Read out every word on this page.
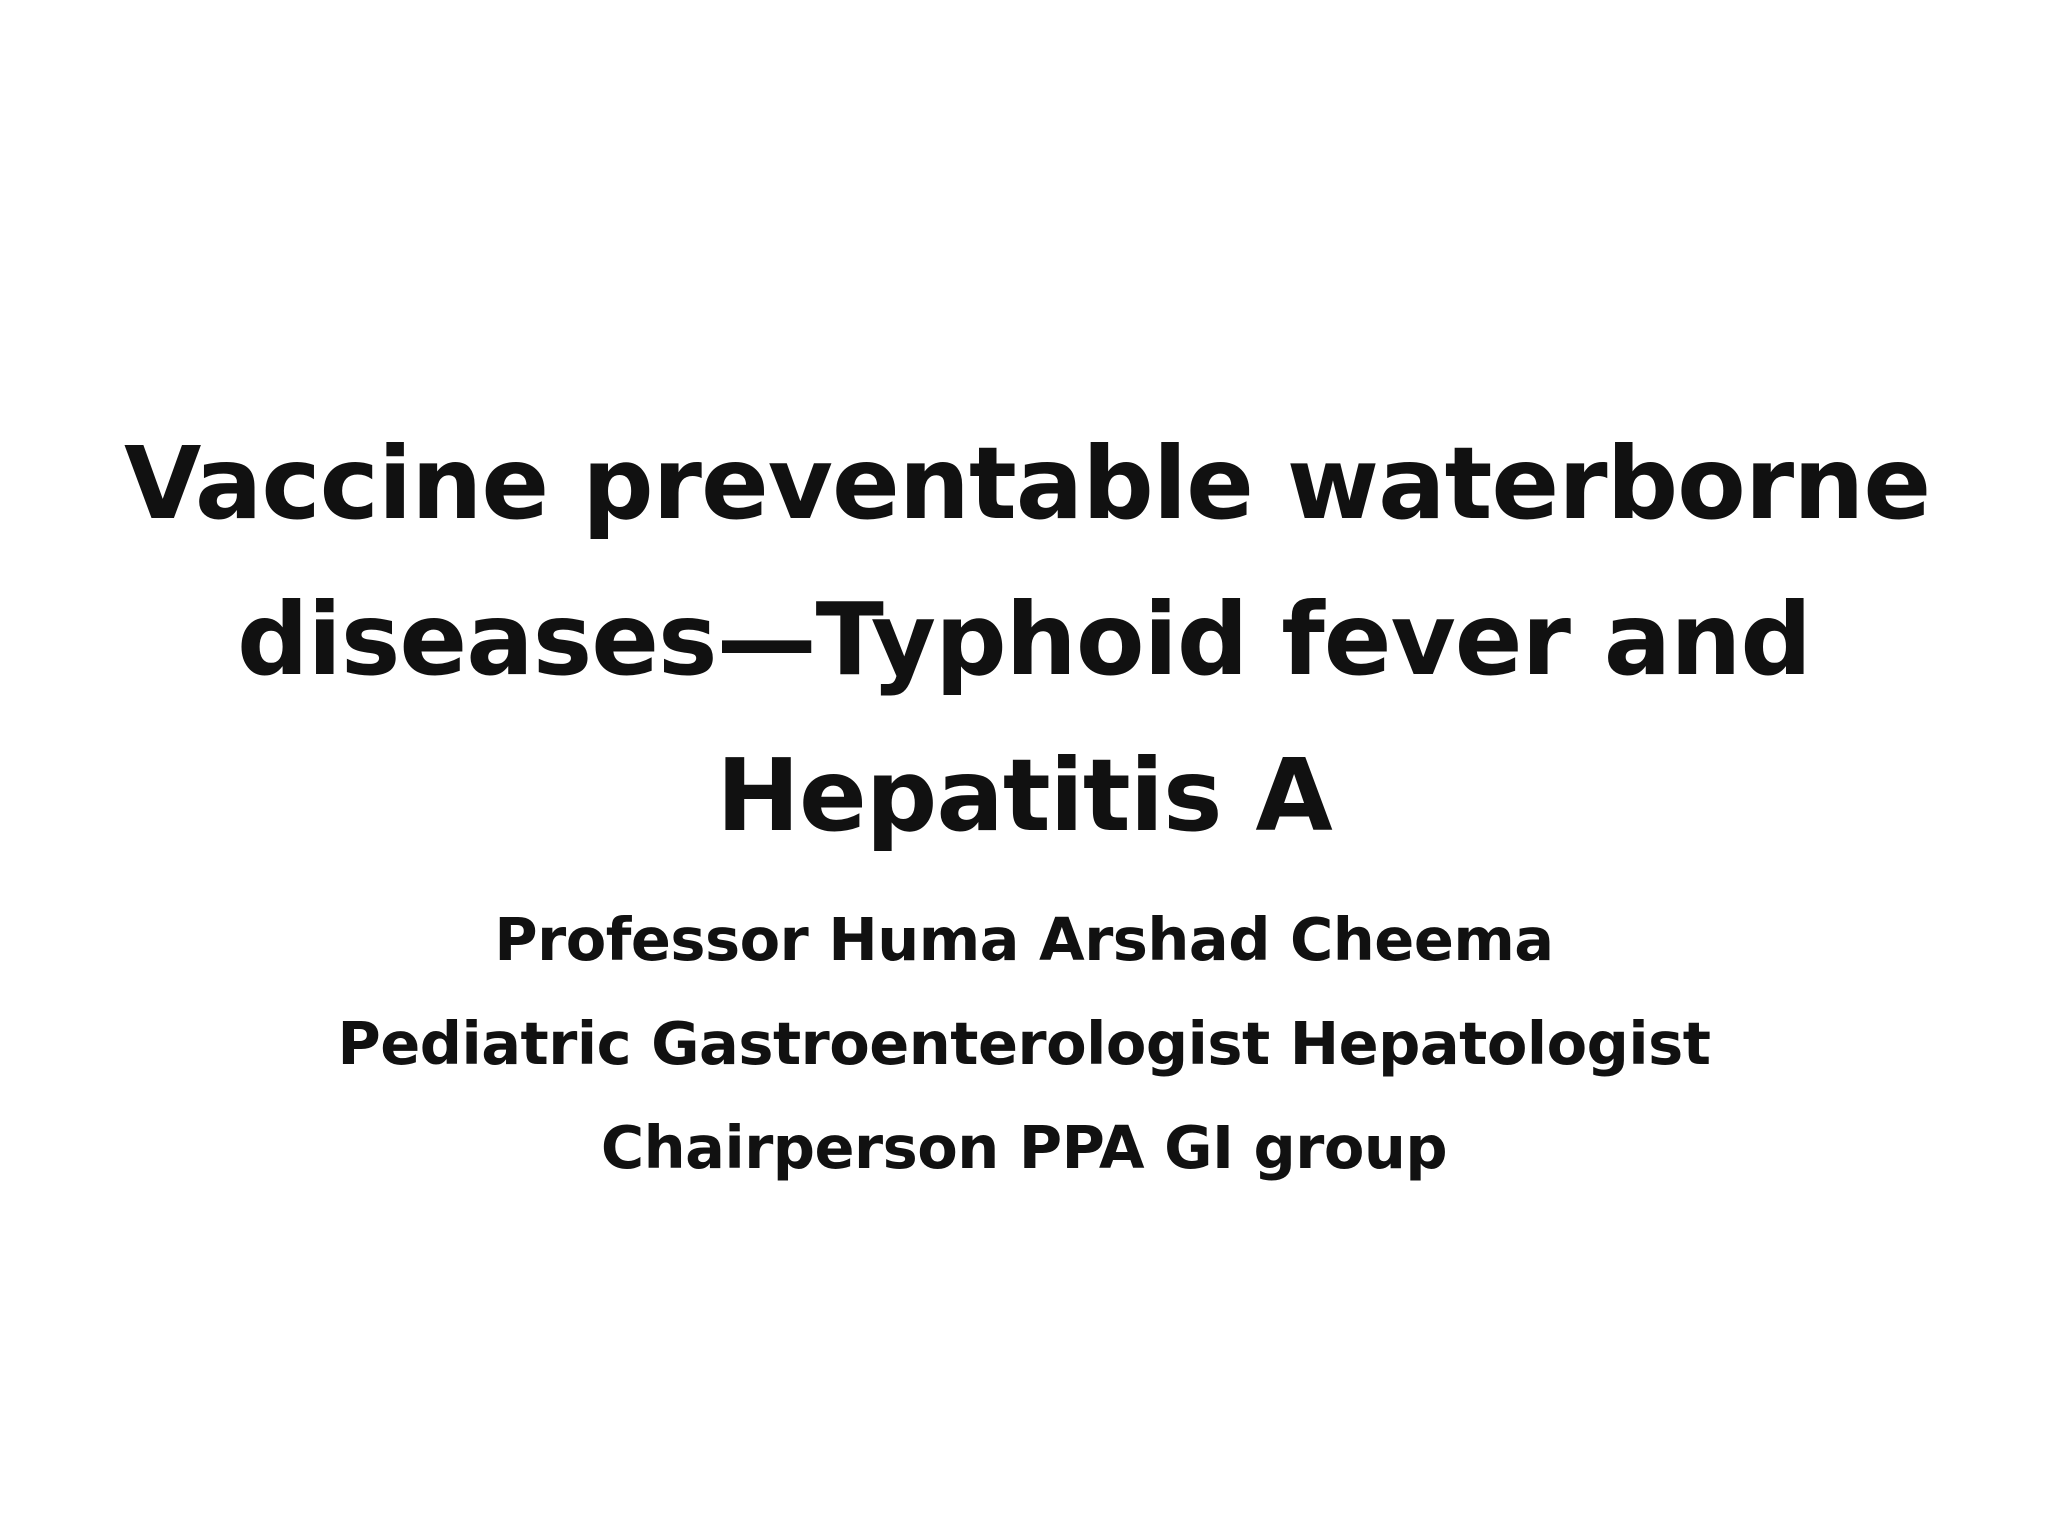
Vaccine preventable waterborne
diseases—Typhoid fever and
Hepatitis A
Professor Huma Arshad Cheema
Pediatric Gastroenterologist Hepatologist
Chairperson PPA GI group
